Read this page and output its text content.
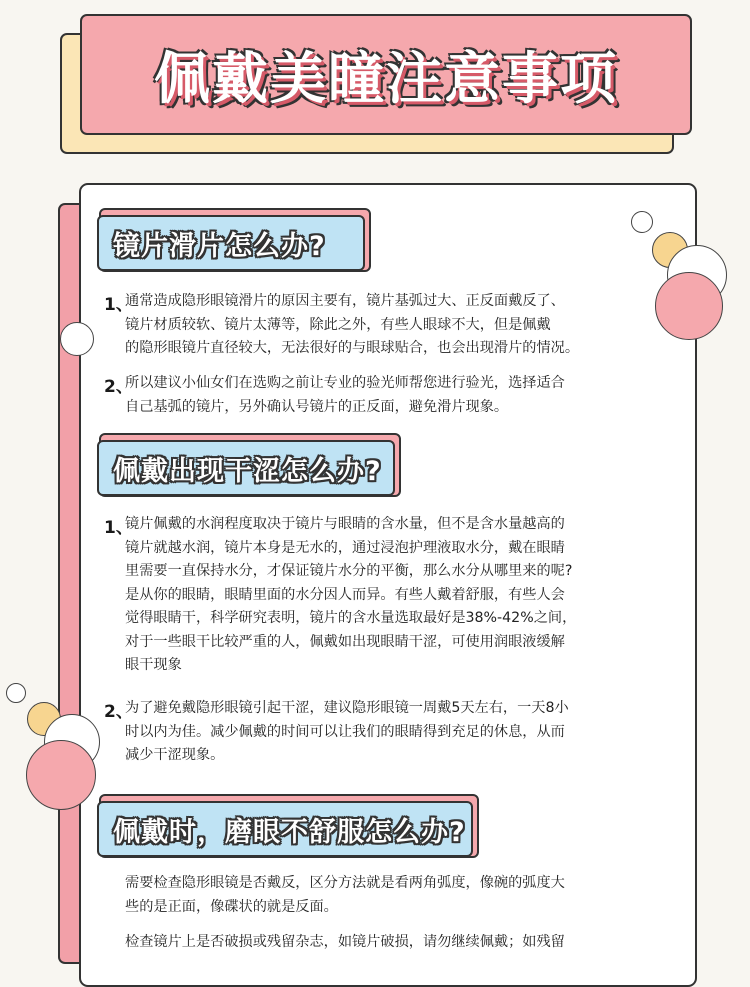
佩戴美瞳注意事项
镜片滑片怎么办?
1、
通常造成隐形眼镜滑片的原因主要有，镜片基弧过大、正反面戴反了、
镜片材质较软、镜片太薄等，除此之外，有些人眼球不大，但是佩戴
的隐形眼镜片直径较大，无法很好的与眼球贴合，也会出现滑片的情况。
2、
所以建议小仙女们在选购之前让专业的验光师帮您进行验光，选择适合
自己基弧的镜片，另外确认号镜片的正反面，避免滑片现象。
佩戴出现干涩怎么办?
1、
镜片佩戴的水润程度取决于镜片与眼睛的含水量，但不是含水量越高的
镜片就越水润，镜片本身是无水的，通过浸泡护理液取水分，戴在眼睛
里需要一直保持水分，才保证镜片水分的平衡，那么水分从哪里来的呢?
是从你的眼睛，眼睛里面的水分因人而异。有些人戴着舒服，有些人会
觉得眼睛干，科学研究表明，镜片的含水量选取最好是38%-42%之间，
对于一些眼干比较严重的人，佩戴如出现眼睛干涩，可使用润眼液缓解
眼干现象
2、
为了避免戴隐形眼镜引起干涩，建议隐形眼镜一周戴5天左右，一天8小
时以内为佳。减少佩戴的时间可以让我们的眼睛得到充足的休息，从而
减少干涩现象。
佩戴时，磨眼不舒服怎么办?
需要检查隐形眼镜是否戴反，区分方法就是看两角弧度，像碗的弧度大
些的是正面，像碟状的就是反面。
检查镜片上是否破损或残留杂志，如镜片破损，请勿继续佩戴；如残留
